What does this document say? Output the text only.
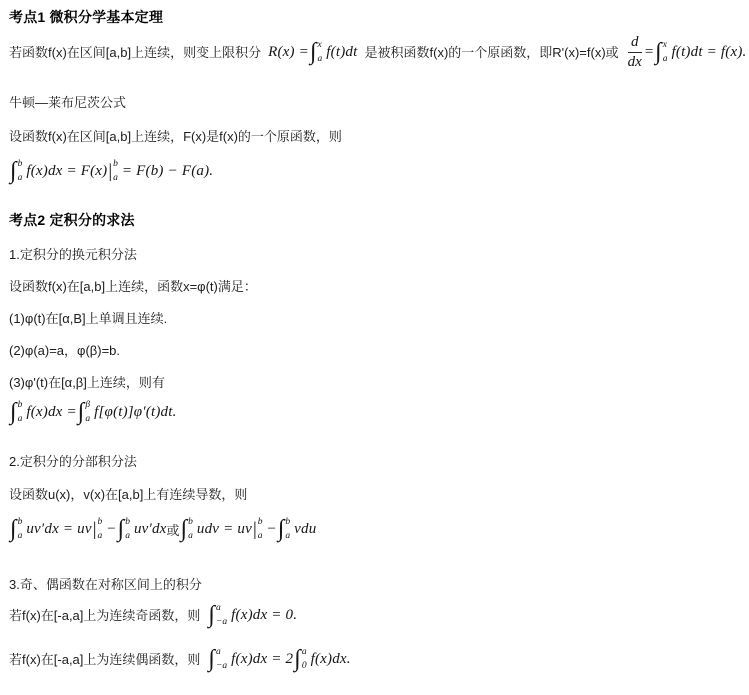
考点1 微积分学基本定理
若函数f(x)在区间[a,b]上连续，则变上限积分 R(x) = ∫ x
a f(t)dt 是被积函数f(x)的一个原函数，即R'(x)=f(x)或 $\frac{d}{dx}$ = ∫ x
a f(t)dt = f(x).
牛顿—莱布尼茨公式
设函数f(x)在区间[a,b]上连续，F(x)是f(x)的一个原函数，则
∫ b
a f(x)dx = F(x) | b
a = F(b) − F(a).
考点2 定积分的求法
1.定积分的换元积分法
设函数f(x)在[a,b]上连续，函数x=φ(t)满足：
(1)φ(t)在[α,B]上单调且连续.
(2)φ(a)=a，φ(β)=b.
(3)φ'(t)在[α,β]上连续，则有
∫ b
a f(x)dx = ∫ β
a f[φ(t)]φ′(t)dt.
2.定积分的分部积分法
设函数u(x)，v(x)在[a,b]上有连续导数，则
∫ b
a uv′dx = uv | b
a − ∫ b
a uv′dx 或 ∫ b
a udv = uv | b
a − ∫ b
a vdu
3.奇、偶函数在对称区间上的积分
若f(x)在[-a,a]上为连续奇函数，则 ∫ a
−a f(x)dx = 0.
若f(x)在[-a,a]上为连续偶函数，则 ∫ a
−a f(x)dx = 2 ∫ a
0 f(x)dx.
